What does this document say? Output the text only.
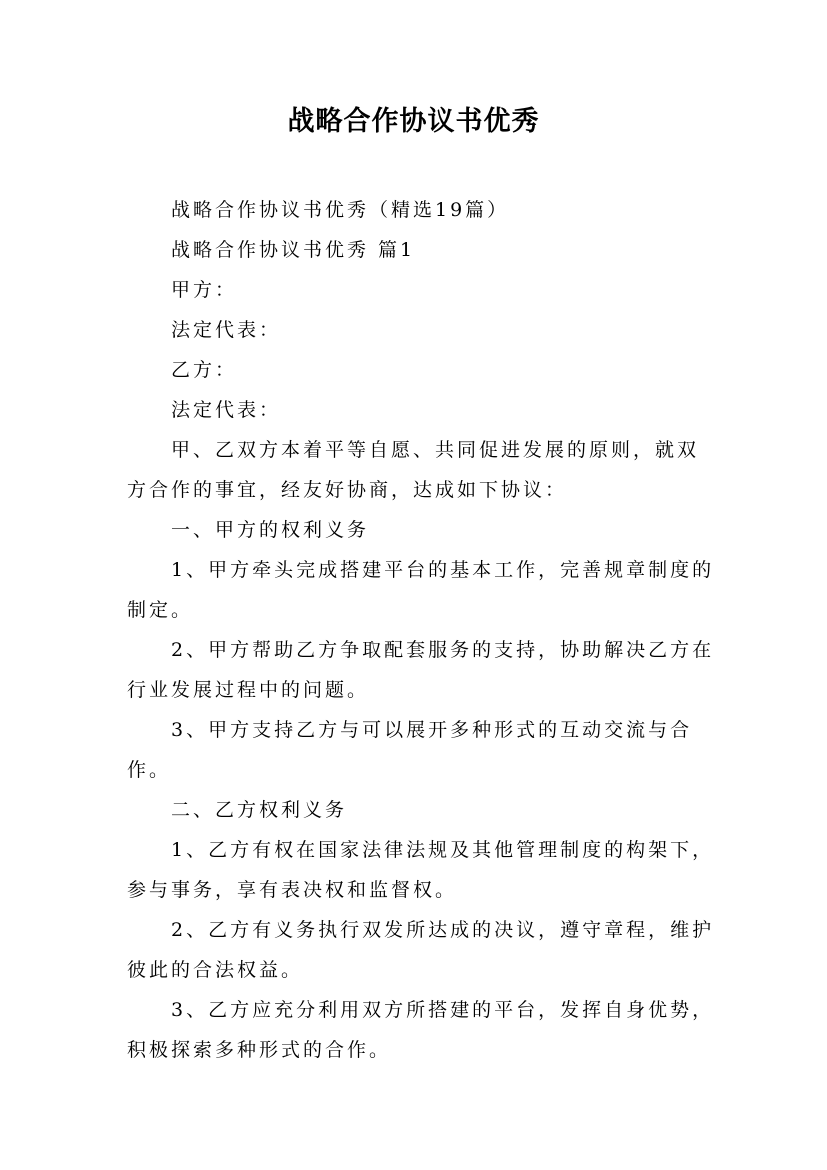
战略合作协议书优秀

战略合作协议书优秀（精选19篇）

战略合作协议书优秀 篇1

甲方：

法定代表：

乙方：

法定代表：

甲、乙双方本着平等自愿、共同促进发展的原则，就双方合作的事宜，经友好协商，达成如下协议：

一、甲方的权利义务

1、甲方牵头完成搭建平台的基本工作，完善规章制度的制定。

2、甲方帮助乙方争取配套服务的支持，协助解决乙方在行业发展过程中的问题。

3、甲方支持乙方与可以展开多种形式的互动交流与合作。

二、乙方权利义务

1、乙方有权在国家法律法规及其他管理制度的构架下，参与事务，享有表决权和监督权。

2、乙方有义务执行双发所达成的决议，遵守章程，维护彼此的合法权益。

3、乙方应充分利用双方所搭建的平台，发挥自身优势，积极探索多种形式的合作。
